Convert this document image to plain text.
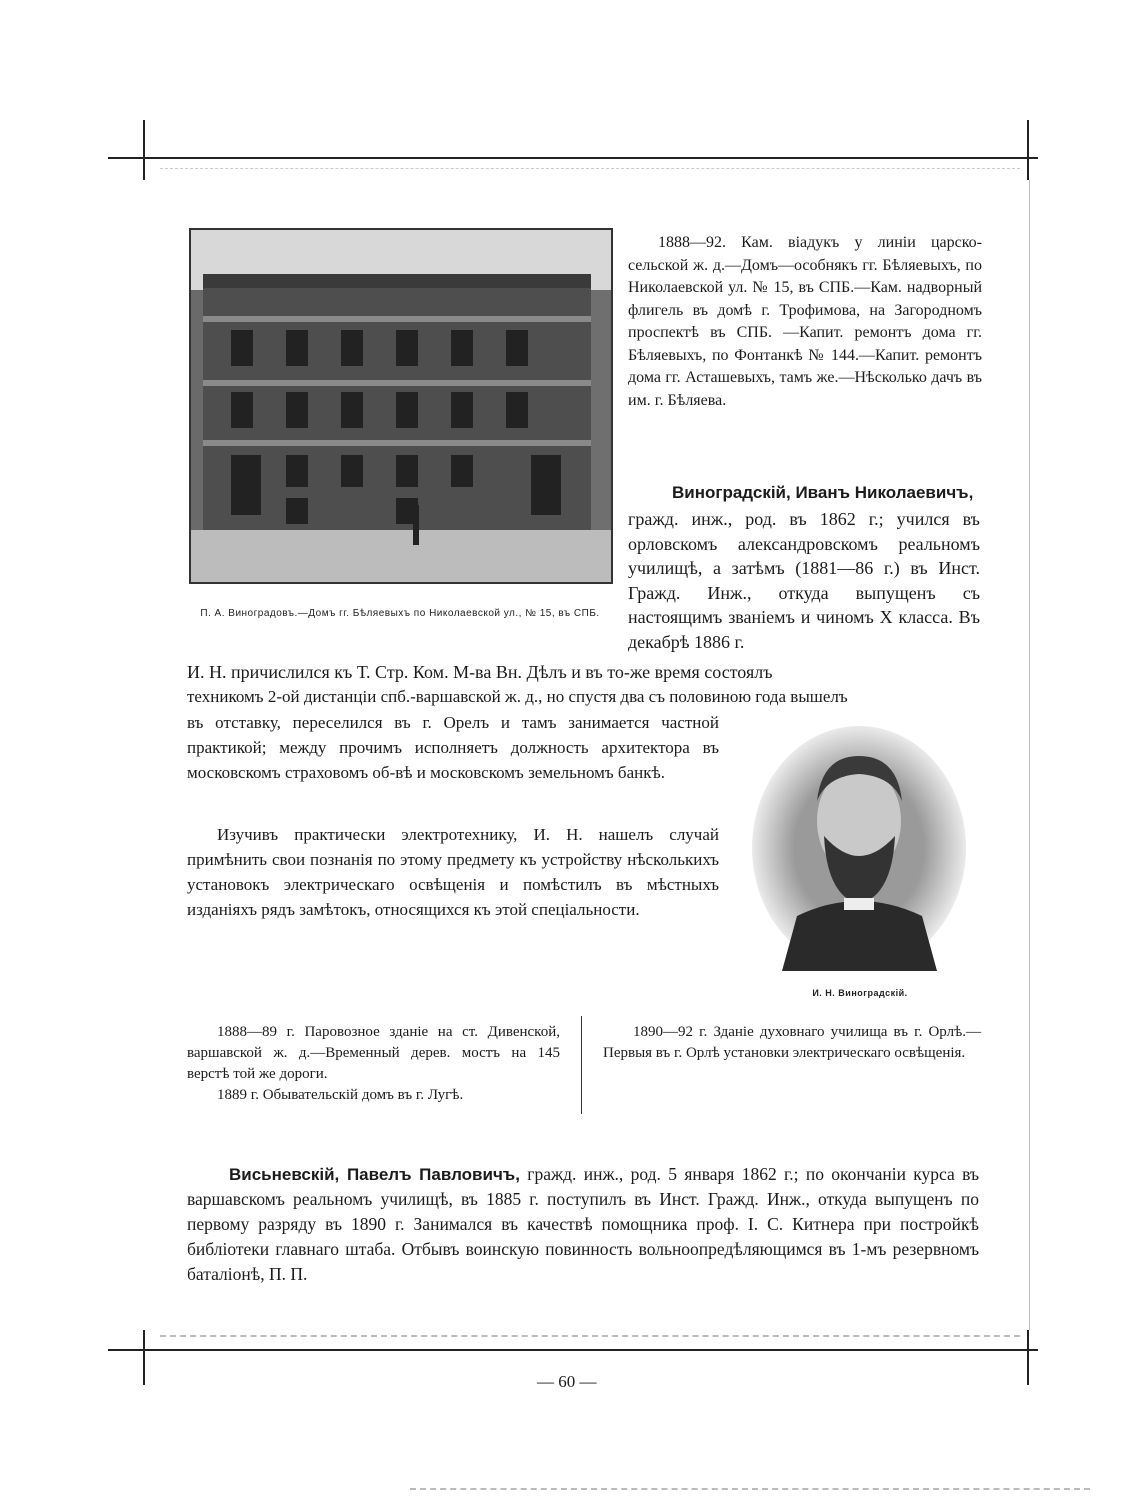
П. А. Виноградовъ.—Домъ гг. Бѣляевыхъ по Николаевской ул., № 15, въ СПБ.

1888—92. Кам. віадукъ у линіи царско-сельской ж. д.—Домъ—особнякъ гг. Бѣляевыхъ, по Николаевской ул. № 15, въ СПБ.—Кам. надворный флигель въ домѣ г. Трофимова, на Загородномъ проспектѣ въ СПБ. —Капит. ремонтъ дома гг. Бѣляевыхъ, по Фонтанкѣ № 144.—Капит. ремонтъ дома гг. Асташевыхъ, тамъ же.—Нѣсколько дачъ въ им. г. Бѣляева.

Виноградскій, Иванъ Николаевичъ,

гражд. инж., род. въ 1862 г.; учился въ орловскомъ александровскомъ реальномъ училищѣ, а затѣмъ (1881—86 г.) въ Инст. Гражд. Инж., откуда выпущенъ съ настоящимъ званіемъ и чиномъ Х класса. Въ декабрѣ 1886 г.

И. Н. причислился къ Т. Стр. Ком. М-ва Вн. Дѣлъ и въ то-же время состоялъ
техникомъ 2-ой дистанціи спб.-варшавской ж. д., но спустя два съ половиною года вышелъ

въ отставку, переселился въ г. Орелъ и тамъ занимается частной практикой; между прочимъ исполняетъ должность архитектора въ московскомъ страховомъ об-вѣ и московскомъ земельномъ банкѣ.

Изучивъ практически электротехнику, И. Н. нашелъ случай примѣнить свои познанія по этому предмету къ устройству нѣсколькихъ установокъ электрическаго освѣщенія и помѣстилъ въ мѣстныхъ изданіяхъ рядъ замѣтокъ, относящихся къ этой спеціальности.

И. Н. Виноградскій.

1888—89 г. Паровозное зданіе на ст. Дивенской, варшавской ж. д.—Временный дерев. мостъ на 145 верстѣ той же дороги.

1889 г. Обывательскій домъ въ г. Лугѣ.

1890—92 г. Зданіе духовнаго училища въ г. Орлѣ.—Первыя въ г. Орлѣ установки электрическаго освѣщенія.

Висьневскій, Павелъ Павловичъ, гражд. инж., род. 5 января 1862 г.; по окончаніи курса въ варшавскомъ реальномъ училищѣ, въ 1885 г. поступилъ въ Инст. Гражд. Инж., откуда выпущенъ по первому разряду въ 1890 г. Занимался въ качествѣ помощника проф. І. С. Китнера при постройкѣ библіотеки главнаго штаба. Отбывъ воинскую повинность вольноопредѣляющимся въ 1-мъ резервномъ баталіонѣ, П. П.

— 60 —
